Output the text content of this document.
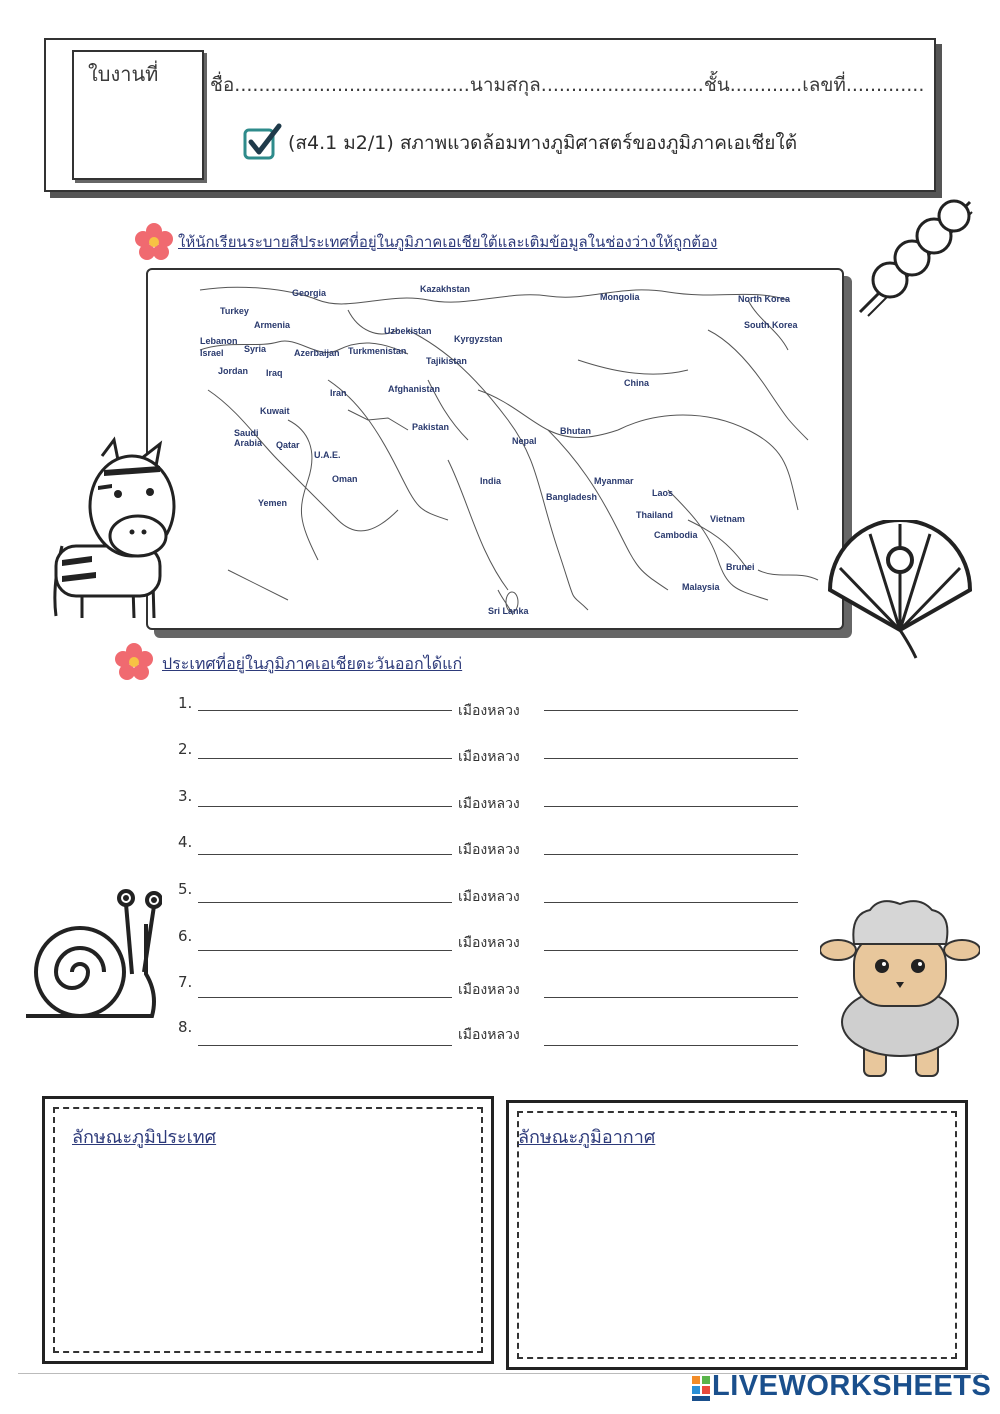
ใบงานที่	ชื่อ.......................................นามสกุล...........................ชั้น............เลขที่.............
(ส4.1 ม2/1) สภาพแวดล้อมทางภูมิศาสตร์ของภูมิภาคเอเชียใต้
ให้นักเรียนระบายสีประเทศที่อยู่ในภูมิภาคเอเชียใต้และเติมข้อมูลในช่องว่างให้ถูกต้อง
Georgia	Kazakhstan
Mongolia	North Korea
Turkey
Armenia
Uzbekistan
South Korea
Lebanon
Syria	Turkmenistan
Kyrgyzstan
Israel	Azerbaijan
Tajikistan
Jordan Iraq
Iran	Afghanistan
China
Kuwait
Pakistan
Saudi
Arabia Qatar
U.A.E.
Bhutan
Nepal
Oman	India	Myanmar
Bangladesh	Laos
Yemen
Thailand	Vietnam
Cambodia
Brunei
Malaysia
Sri Lanka
ประเทศที่อยู่ในภูมิภาคเอเชียตะวันออกได้แก่
1.	เมืองหลวง
2.	เมืองหลวง
3.	เมืองหลวง
4.	เมืองหลวง
5.	เมืองหลวง
6.	เมืองหลวง
7.	เมืองหลวง
8.	เมืองหลวง
ลักษณะภูมิประเทศ	ลักษณะภูมิอากาศ
LIVEWORKSHEETS
